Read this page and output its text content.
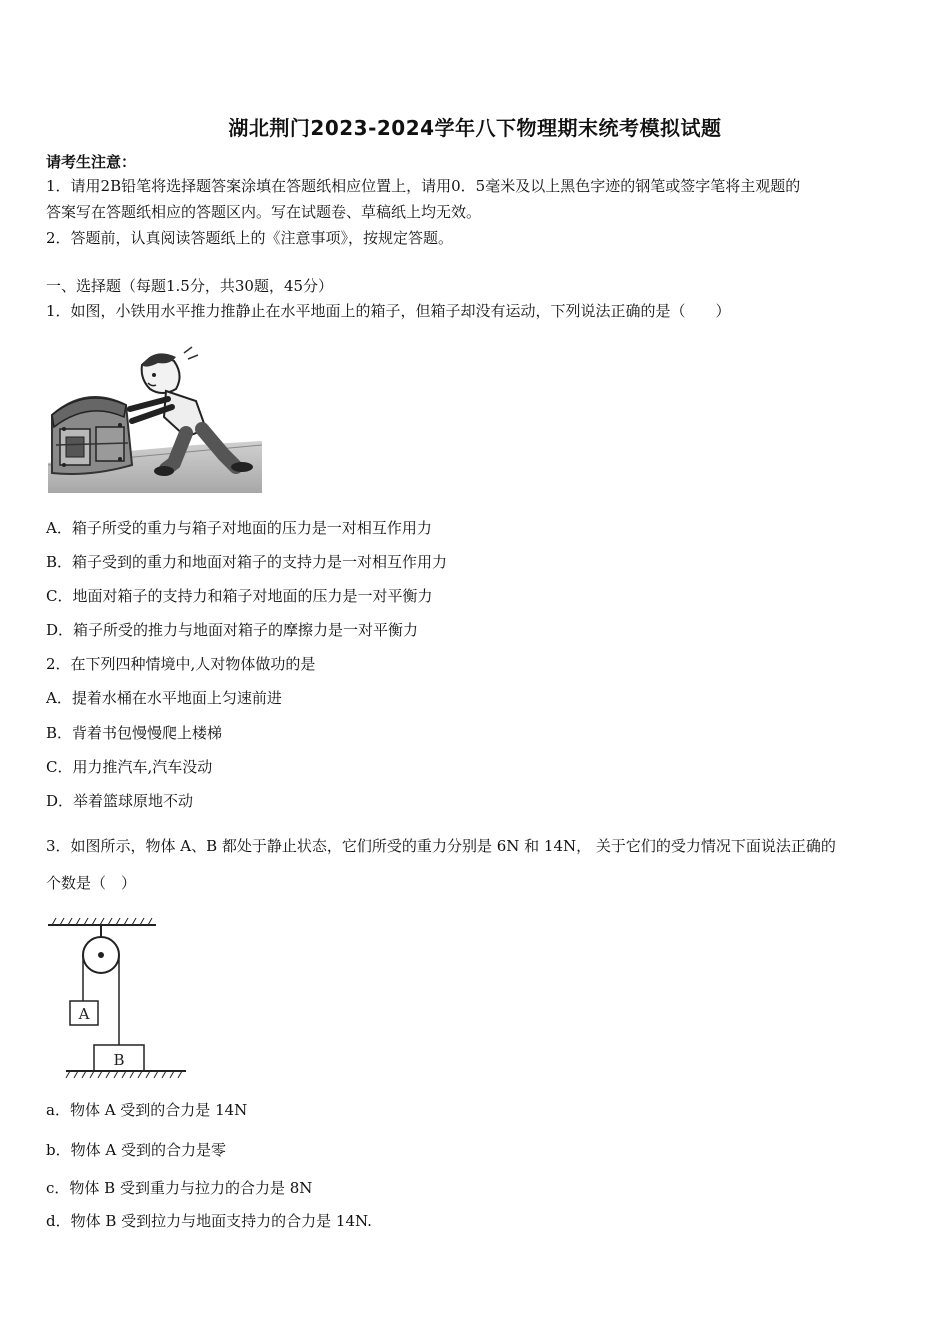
湖北荆门2023-2024学年八下物理期末统考模拟试题
请考生注意：
1．请用2B铅笔将选择题答案涂填在答题纸相应位置上，请用0．5毫米及以上黑色字迹的钢笔或签字笔将主观题的
答案写在答题纸相应的答题区内。写在试题卷、草稿纸上均无效。
2．答题前，认真阅读答题纸上的《注意事项》，按规定答题。
一、选择题（每题1.5分，共30题，45分）
1．如图，小铁用水平推力推静止在水平地面上的箱子，但箱子却没有运动，下列说法正确的是（　　）
A．箱子所受的重力与箱子对地面的压力是一对相互作用力
B．箱子受到的重力和地面对箱子的支持力是一对相互作用力
C．地面对箱子的支持力和箱子对地面的压力是一对平衡力
D．箱子所受的推力与地面对箱子的摩擦力是一对平衡力
2．在下列四种情境中,人对物体做功的是
A．提着水桶在水平地面上匀速前进
B．背着书包慢慢爬上楼梯
C．用力推汽车,汽车没动
D．举着篮球原地不动
3．如图所示，物体 A、B 都处于静止状态，它们所受的重力分别是 6N 和 14N， 关于它们的受力情况下面说法正确的
个数是（　）
A
B
a．物体 A 受到的合力是 14N
b．物体 A 受到的合力是零
c．物体 B 受到重力与拉力的合力是 8N
d．物体 B 受到拉力与地面支持力的合力是 14N.
